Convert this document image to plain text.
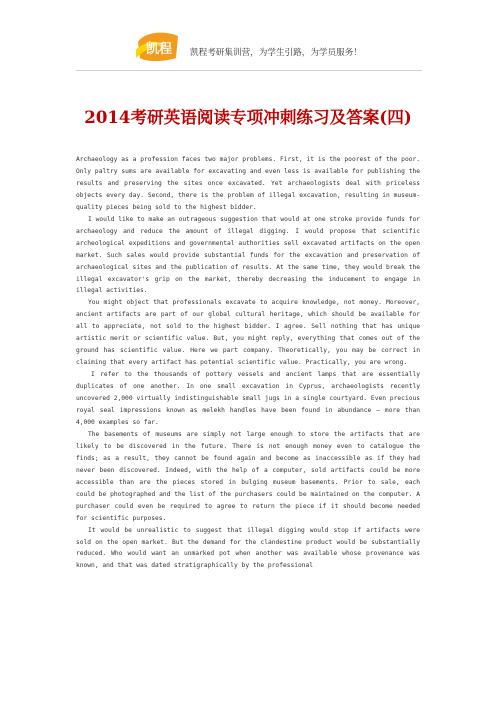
凯程 凯程考研集训营，为学生引路，为学员服务！
2014考研英语阅读专项冲刺练习及答案(四)

Archaeology as a profession faces two major problems. First, it is the poorest of the poor. Only paltry sums are available for excavating and even less is available for publishing the results and preserving the sites once excavated. Yet archaeologists deal with priceless objects every day. Second, there is the problem of illegal excavation, resulting in museum-quality pieces being sold to the highest bidder.

I would like to make an outrageous suggestion that would at one stroke provide funds for archaeology and reduce the amount of illegal digging. I would propose that scientific archeological expeditions and governmental authorities sell excavated artifacts on the open market. Such sales would provide substantial funds for the excavation and preservation of archaeological sites and the publication of results. At the same time, they would break the illegal excavator's grip on the market, thereby decreasing the inducement to engage in illegal activities.

You might object that professionals excavate to acquire knowledge, not money. Moreover, ancient artifacts are part of our global cultural heritage, which should be available for all to appreciate, not sold to the highest bidder. I agree. Sell nothing that has unique artistic merit or scientific value. But, you might reply, everything that comes out of the ground has scientific value. Here we part company. Theoretically, you may be correct in claiming that every artifact has potential scientific value. Practically, you are wrong.

I refer to the thousands of pottery vessels and ancient lamps that are essentially duplicates of one another. In one small excavation in Cyprus, archaeologists recently uncovered 2,000 virtually indistinguishable small jugs in a single courtyard. Even precious royal seal impressions known as melekh handles have been found in abundance — more than 4,000 examples so far.

The basements of museums are simply not large enough to store the artifacts that are likely to be discovered in the future. There is not enough money even to catalogue the finds; as a result, they cannot be found again and become as inaccessible as if they had never been discovered. Indeed, with the help of a computer, sold artifacts could be more accessible than are the pieces stored in bulging museum basements. Prior to sale, each could be photographed and the list of the purchasers could be maintained on the computer. A purchaser could even be required to agree to return the piece if it should become needed for scientific purposes.

It would be unrealistic to suggest that illegal digging would stop if artifacts were sold on the open market. But the demand for the clandestine product would be substantially reduced. Who would want an unmarked pot when another was available whose provenance was known, and that was dated stratigraphically by the professional
